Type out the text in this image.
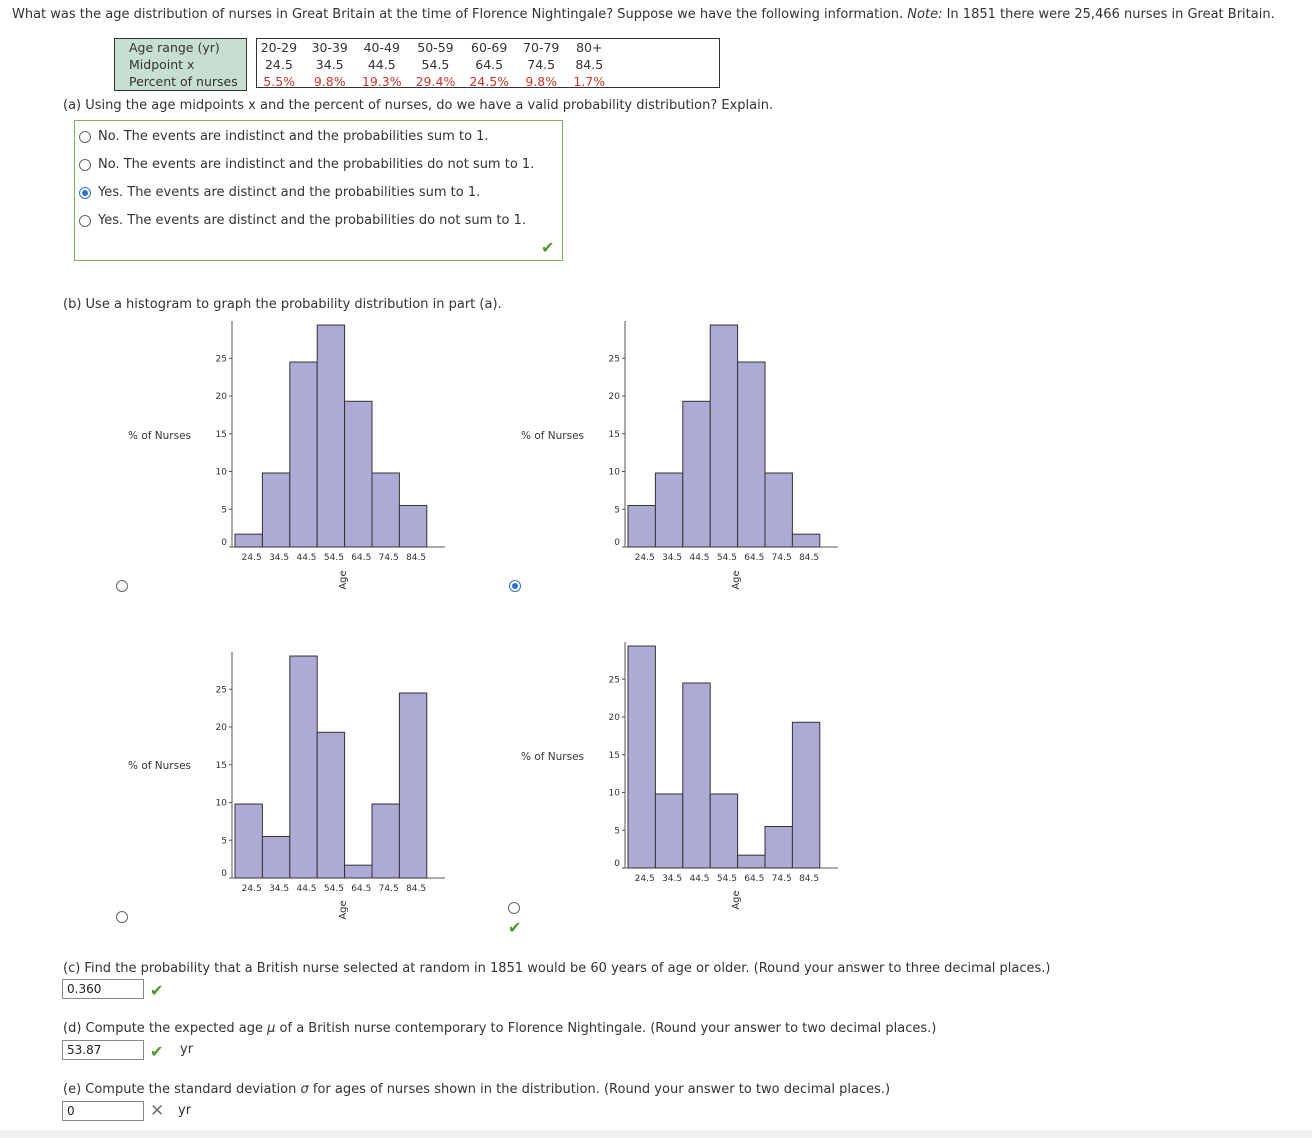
What was the age distribution of nurses in Great Britain at the time of Florence Nightingale? Suppose we have the following information. Note: In 1851 there were 25,466 nurses in Great Britain.
Age range (yr)	20-29	30-39	40-49	50-59	60-69	70-79	80+
Midpoint x	24.5	34.5	44.5	54.5	64.5	74.5	84.5
Percent of nurses	5.5%	9.8%	19.3%	29.4%	24.5%	9.8%	1.7%
(a) Using the age midpoints x and the percent of nurses, do we have a valid probability distribution? Explain.
No. The events are indistinct and the probabilities sum to 1.
No. The events are indistinct and the probabilities do not sum to 1.
Yes. The events are distinct and the probabilities sum to 1.
Yes. The events are distinct and the probabilities do not sum to 1.
✔
(b) Use a histogram to graph the probability distribution in part (a).
0
5
10
15
20
25
24.5 34.5 44.5 54.5 64.5 74.5 84.5
% of Nurses
Age
0
5
10
15
20
25
24.5 34.5 44.5 54.5 64.5 74.5 84.5
% of Nurses
Age
0
5
10
15
20
25
24.5 34.5 44.5 54.5 64.5 74.5 84.5
% of Nurses
Age
0
5
10
15
20
25
24.5 34.5 44.5 54.5 64.5 74.5 84.5
% of Nurses
Age
✔
(c) Find the probability that a British nurse selected at random in 1851 would be 60 years of age or older. (Round your answer to three decimal places.)
0.360
✔
(d) Compute the expected age μ of a British nurse contemporary to Florence Nightingale. (Round your answer to two decimal places.)
53.87
✔ yr
(e) Compute the standard deviation σ for ages of nurses shown in the distribution. (Round your answer to two decimal places.)
0
✕ yr
